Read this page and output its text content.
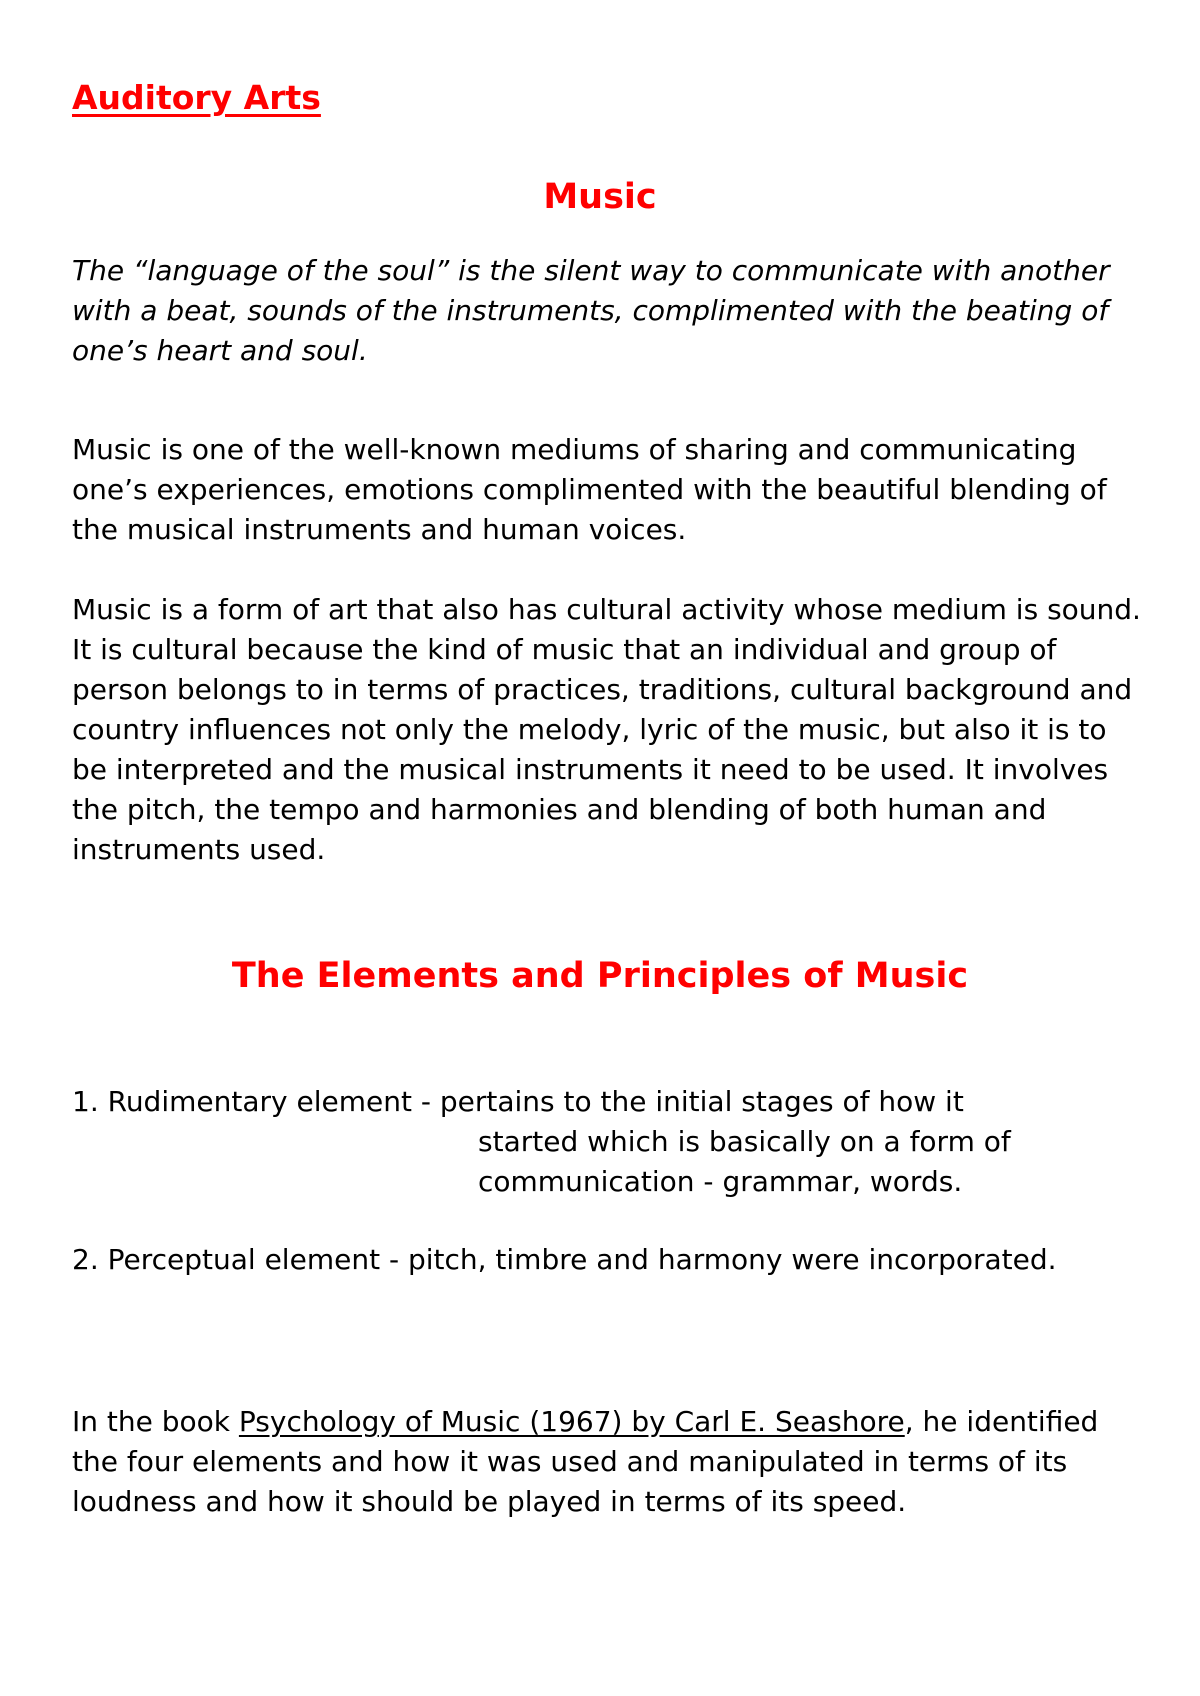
Auditory Arts
Music

The “language of the soul” is the silent way to communicate with another with a beat, sounds of the instruments, complimented with the beating of one’s heart and soul.

Music is one of the well-known mediums of sharing and communicating one’s experiences, emotions complimented with the beautiful blending of the musical instruments and human voices.

Music is a form of art that also has cultural activity whose medium is sound. It is cultural because the kind of music that an individual and group of person belongs to in terms of practices, traditions, cultural background and country influences not only the melody, lyric of the music, but also it is to be interpreted and the musical instruments it need to be used. It involves the pitch, the tempo and harmonies and blending of both human and instruments used.

The Elements and Principles of Music

1. Rudimentary element - pertains to the initial stages of how it
started which is basically on a form of communication - grammar, words.

2. Perceptual element - pitch, timbre and harmony were incorporated.

In the book Psychology of Music (1967) by Carl E. Seashore, he identified the four elements and how it was used and manipulated in terms of its loudness and how it should be played in terms of its speed.
